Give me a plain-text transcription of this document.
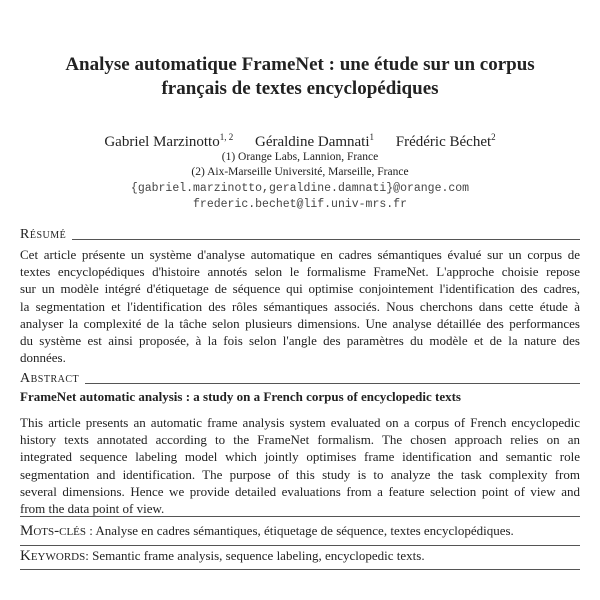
Analyse automatique FrameNet : une étude sur un corpus
français de textes encyclopédiques
Gabriel Marzinotto$^{1, 2}$ Géraldine Damnati$^1$ Frédéric Béchet$^2$
(1) Orange Labs, Lannion, France
(2) Aix-Marseille Université, Marseille, France
{gabriel.marzinotto,geraldine.damnati}@orange.com
frederic.bechet@lif.univ-mrs.fr
Résumé
Cet article présente un système d'analyse automatique en cadres sémantiques évalué sur un corpus de
textes encyclopédiques d'histoire annotés selon le formalisme FrameNet. L'approche choisie repose
sur un modèle intégré d'étiquetage de séquence qui optimise conjointement l'identification des cadres,
la segmentation et l'identification des rôles sémantiques associés. Nous cherchons dans cette étude à
analyser la complexité de la tâche selon plusieurs dimensions. Une analyse détaillée des performances
du système est ainsi proposée, à la fois selon l'angle des paramètres du modèle et de la nature des
données.
Abstract
FrameNet automatic analysis : a study on a French corpus of encyclopedic texts
This article presents an automatic frame analysis system evaluated on a corpus of French encyclopedic
history texts annotated according to the FrameNet formalism. The chosen approach relies on an
integrated sequence labeling model which jointly optimises frame identification and semantic role
segmentation and identification. The purpose of this study is to analyze the task complexity from
several dimensions. Hence we provide detailed evaluations from a feature selection point of view and
from the data point of view.
Mots-clés : Analyse en cadres sémantiques, étiquetage de séquence, textes encyclopédiques.
Keywords: Semantic frame analysis, sequence labeling, encyclopedic texts.
